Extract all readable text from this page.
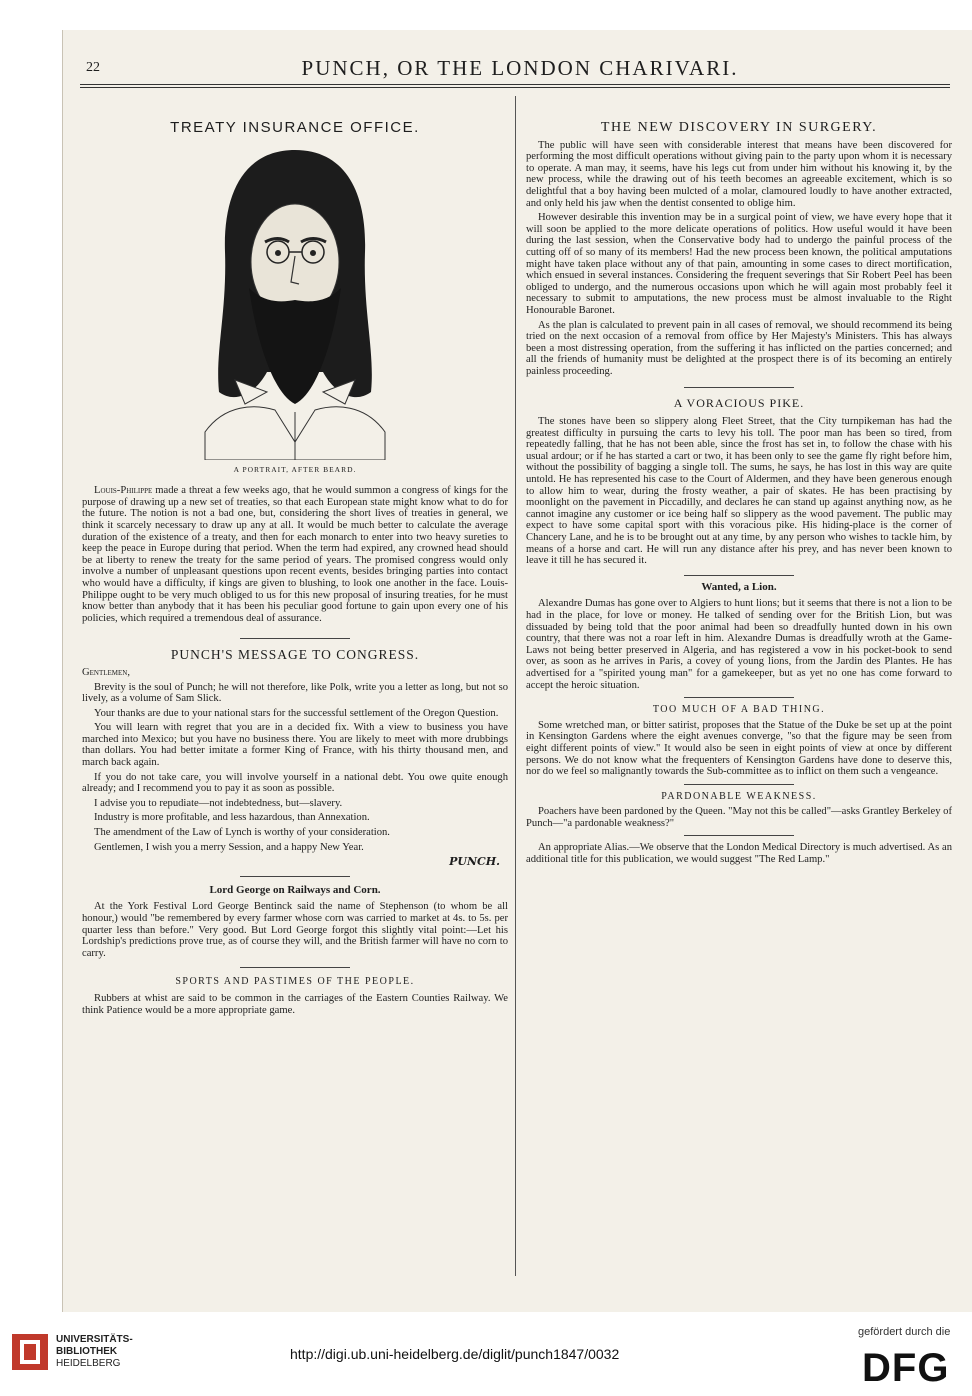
22	PUNCH, OR THE LONDON CHARIVARI.
TREATY INSURANCE OFFICE.
A PORTRAIT, AFTER BEARD.

Louis-Philippe made a threat a few weeks ago, that he would summon a congress of kings for the purpose of drawing up a new set of treaties, so that each European state might know what to do for the future. The notion is not a bad one, but, considering the short lives of treaties in general, we think it scarcely necessary to draw up any at all. It would be much better to calculate the average duration of the existence of a treaty, and then for each monarch to enter into two heavy sureties to keep the peace in Europe during that period. When the term had expired, any crowned head should be at liberty to renew the treaty for the same period of years. The promised congress would only involve a number of unpleasant questions upon recent events, besides bringing parties into contact who would have a difficulty, if kings are given to blushing, to look one another in the face. Louis-Philippe ought to be very much obliged to us for this new proposal of insuring treaties, for he must know better than anybody that it has been his peculiar good fortune to gain upon every one of his policies, which required a tremendous deal of assurance.

PUNCH'S MESSAGE TO CONGRESS.

Gentlemen,

Brevity is the soul of Punch; he will not therefore, like Polk, write you a letter as long, but not so lively, as a volume of Sam Slick.

Your thanks are due to your national stars for the successful settlement of the Oregon Question.

You will learn with regret that you are in a decided fix. With a view to business you have marched into Mexico; but you have no business there. You are likely to meet with more drubbings than dollars. You had better imitate a former King of France, with his thirty thousand men, and march back again.

If you do not take care, you will involve yourself in a national debt. You owe quite enough already; and I recommend you to pay it as soon as possible.

I advise you to repudiate—not indebtedness, but—slavery.

Industry is more profitable, and less hazardous, than Annexation.

The amendment of the Law of Lynch is worthy of your consideration.

Gentlemen, I wish you a merry Session, and a happy New Year.

PUNCH.
Lord George on Railways and Corn.

At the York Festival Lord George Bentinck said the name of Stephenson (to whom be all honour,) would "be remembered by every farmer whose corn was carried to market at 4s. to 5s. per quarter less than before." Very good. But Lord George forgot this slightly vital point:—Let his Lordship's predictions prove true, as of course they will, and the British farmer will have no corn to carry.

SPORTS AND PASTIMES OF THE PEOPLE.

Rubbers at whist are said to be common in the carriages of the Eastern Counties Railway. We think Patience would be a more appropriate game.

THE NEW DISCOVERY IN SURGERY.

The public will have seen with considerable interest that means have been discovered for performing the most difficult operations without giving pain to the party upon whom it is necessary to operate. A man may, it seems, have his legs cut from under him without his knowing it, by the new process, while the drawing out of his teeth becomes an agreeable excitement, which is so delightful that a boy having been mulcted of a molar, clamoured loudly to have another extracted, and only held his jaw when the dentist consented to oblige him.

However desirable this invention may be in a surgical point of view, we have every hope that it will soon be applied to the more delicate operations of politics. How useful would it have been during the last session, when the Conservative body had to undergo the painful process of the cutting off of so many of its members! Had the new process been known, the political amputations might have taken place without any of that pain, amounting in some cases to direct mortification, which ensued in several instances. Considering the frequent severings that Sir Robert Peel has been obliged to undergo, and the numerous occasions upon which he will again most probably feel it necessary to submit to amputations, the new process must be almost invaluable to the Right Honourable Baronet.

As the plan is calculated to prevent pain in all cases of removal, we should recommend its being tried on the next occasion of a removal from office by Her Majesty's Ministers. This has always been a most distressing operation, from the suffering it has inflicted on the parties concerned; and all the friends of humanity must be delighted at the prospect there is of its becoming an entirely painless proceeding.

A VORACIOUS PIKE.

The stones have been so slippery along Fleet Street, that the City turnpikeman has had the greatest difficulty in pursuing the carts to levy his toll. The poor man has been so tired, from repeatedly falling, that he has not been able, since the frost has set in, to follow the chase with his usual ardour; or if he has started a cart or two, it has been only to see the game fly right before him, without the possibility of bagging a single toll. The sums, he says, he has lost in this way are quite untold. He has represented his case to the Court of Aldermen, and they have been generous enough to allow him to wear, during the frosty weather, a pair of skates. He has been practising by moonlight on the pavement in Piccadilly, and declares he can stand up against anything now, as he cannot imagine any customer or ice being half so slippery as the wood pavement. The public may expect to have some capital sport with this voracious pike. His hiding-place is the corner of Chancery Lane, and he is to be brought out at any time, by any person who wishes to tackle him, by means of a horse and cart. He will run any distance after his prey, and has never been known to leave it till he has secured it.

Wanted, a Lion.

Alexandre Dumas has gone over to Algiers to hunt lions; but it seems that there is not a lion to be had in the place, for love or money. He talked of sending over for the British Lion, but was dissuaded by being told that the poor animal had been so dreadfully hunted down in his own country, that there was not a roar left in him. Alexandre Dumas is dreadfully wroth at the Game-Laws not being better preserved in Algeria, and has registered a vow in his pocket-book to send over, as soon as he arrives in Paris, a covey of young lions, from the Jardin des Plantes. He has advertised for a "spirited young man" for a gamekeeper, but as yet no one has come forward to accept the heroic situation.

TOO MUCH OF A BAD THING.

Some wretched man, or bitter satirist, proposes that the Statue of the Duke be set up at the point in Kensington Gardens where the eight avenues converge, "so that the figure may be seen from eight different points of view." It would also be seen in eight points of view at once by different persons. We do not know what the frequenters of Kensington Gardens have done to deserve this, nor do we feel so malignantly towards the Sub-committee as to inflict on them such a vengeance.

PARDONABLE WEAKNESS.

Poachers have been pardoned by the Queen. "May not this be called"—asks Grantley Berkeley of Punch—"a pardonable weakness?"

An appropriate Alias.—We observe that the London Medical Directory is much advertised. As an additional title for this publication, we would suggest "The Red Lamp."

UNIVERSITÄTS-
BIBLIOTHEK
HEIDELBERG
http://digi.ub.uni-heidelberg.de/diglit/punch1847/0032
gefördert durch die
DFG
